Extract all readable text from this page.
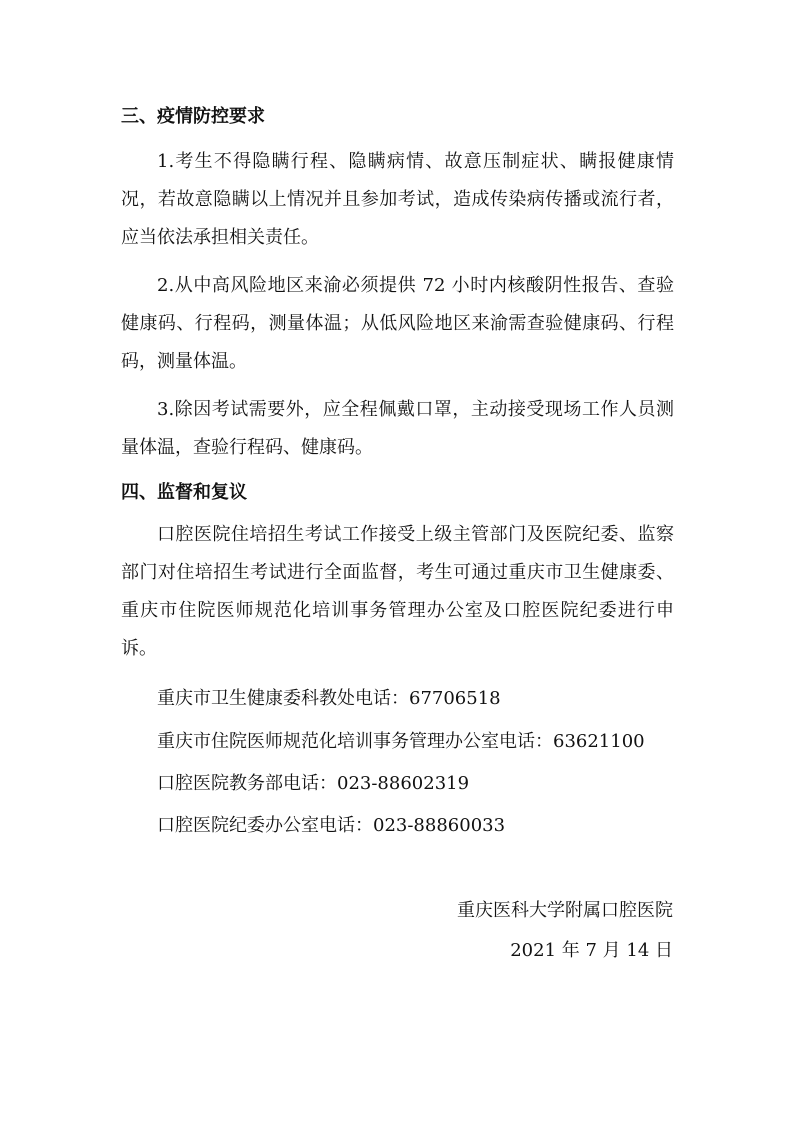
三、疫情防控要求

1.考生不得隐瞒行程、隐瞒病情、故意压制症状、瞒报健康情况，若故意隐瞒以上情况并且参加考试，造成传染病传播或流行者，应当依法承担相关责任。

2.从中高风险地区来渝必须提供 72 小时内核酸阴性报告、查验健康码、行程码，测量体温；从低风险地区来渝需查验健康码、行程码，测量体温。

3.除因考试需要外，应全程佩戴口罩，主动接受现场工作人员测量体温，查验行程码、健康码。

四、监督和复议

口腔医院住培招生考试工作接受上级主管部门及医院纪委、监察部门对住培招生考试进行全面监督，考生可通过重庆市卫生健康委、重庆市住院医师规范化培训事务管理办公室及口腔医院纪委进行申诉。

重庆市卫生健康委科教处电话：67706518
重庆市住院医师规范化培训事务管理办公室电话：63621100
口腔医院教务部电话：023-88602319
口腔医院纪委办公室电话：023-88860033
重庆医科大学附属口腔医院
2021 年 7 月 14 日
